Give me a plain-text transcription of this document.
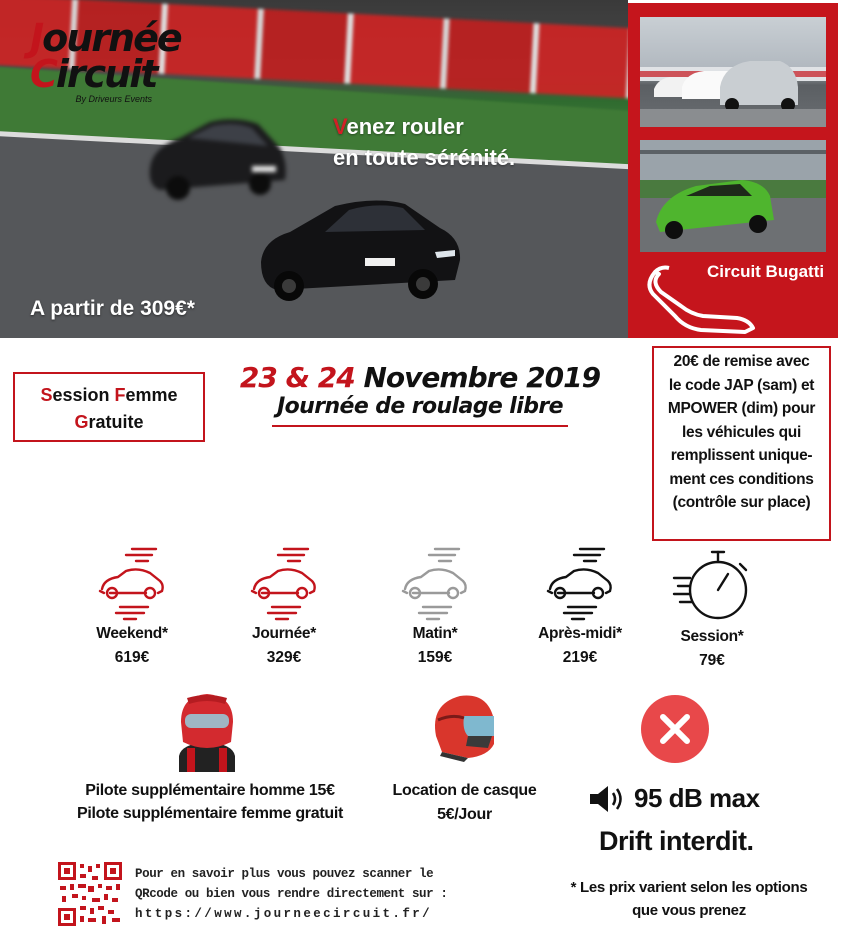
Journée
Circuit
By Driveurs Events
Venez rouler
en toute sérénité.
A partir de 309€*
Circuit Bugatti
23 & 24 Novembre 2019
Journée de roulage libre
Session Femme
Gratuite
20€ de remise avec
le code JAP (sam) et
MPOWER (dim) pour
les véhicules qui
remplissent unique-
ment ces conditions
(contrôle sur place)
Weekend*
619€
Journée*
329€
Matin*
159€
Après-midi*
219€
Session*
79€
Pilote supplémentaire homme 15€
Pilote supplémentaire femme gratuit
Location de casque
5€/Jour
95 dB max
Drift interdit.
* Les prix varient selon les options
que vous prenez
Pour en savoir plus vous pouvez scanner le
QRcode ou bien vous rendre directement sur :
https://www.journeecircuit.fr/
